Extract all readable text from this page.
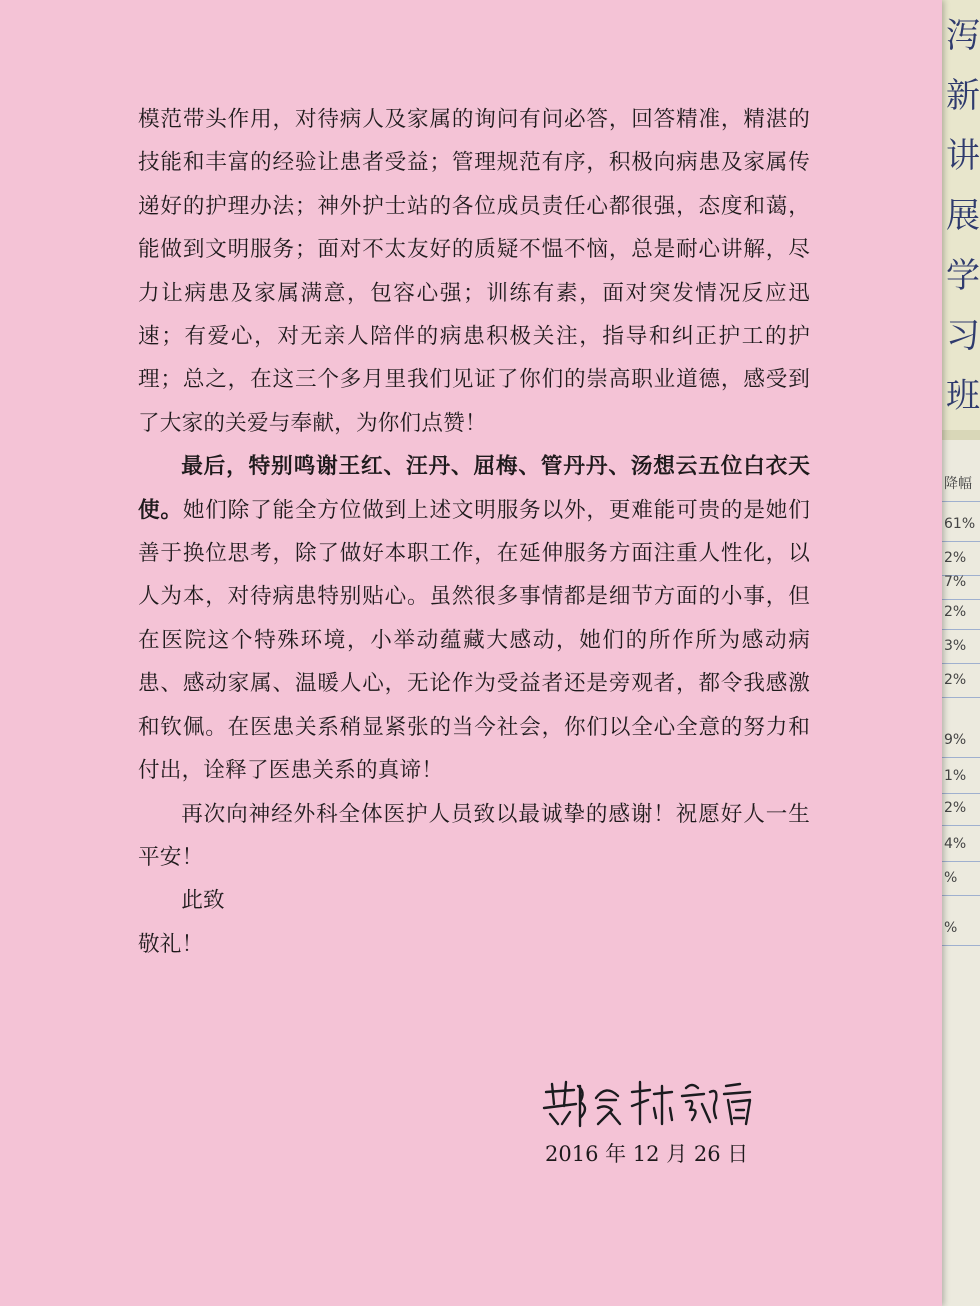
泻
新
讲
展
学
习
班
降幅
61%
2%
7%
2%
3%
2%
9%
1%
2%
4%
%
%

模范带头作用，对待病人及家属的询问有问必答，回答精准，精湛的技能和丰富的经验让患者受益；管理规范有序，积极向病患及家属传递好的护理办法；神外护士站的各位成员责任心都很强，态度和蔼，能做到文明服务；面对不太友好的质疑不愠不恼，总是耐心讲解，尽力让病患及家属满意，包容心强；训练有素，面对突发情况反应迅速；有爱心，对无亲人陪伴的病患积极关注，指导和纠正护工的护理；总之，在这三个多月里我们见证了你们的崇高职业道德，感受到了大家的关爱与奉献，为你们点赞！

最后，特别鸣谢王红、汪丹、屈梅、管丹丹、汤想云五位白衣天使。她们除了能全方位做到上述文明服务以外，更难能可贵的是她们善于换位思考，除了做好本职工作，在延伸服务方面注重人性化，以人为本，对待病患特别贴心。虽然很多事情都是细节方面的小事，但在医院这个特殊环境，小举动蕴藏大感动，她们的所作所为感动病患、感动家属、温暖人心，无论作为受益者还是旁观者，都令我感激和钦佩。在医患关系稍显紧张的当今社会，你们以全心全意的努力和付出，诠释了医患关系的真谛！

再次向神经外科全体医护人员致以最诚挚的感谢！祝愿好人一生平安！

此致

敬礼！

2016 年 12 月 26 日
